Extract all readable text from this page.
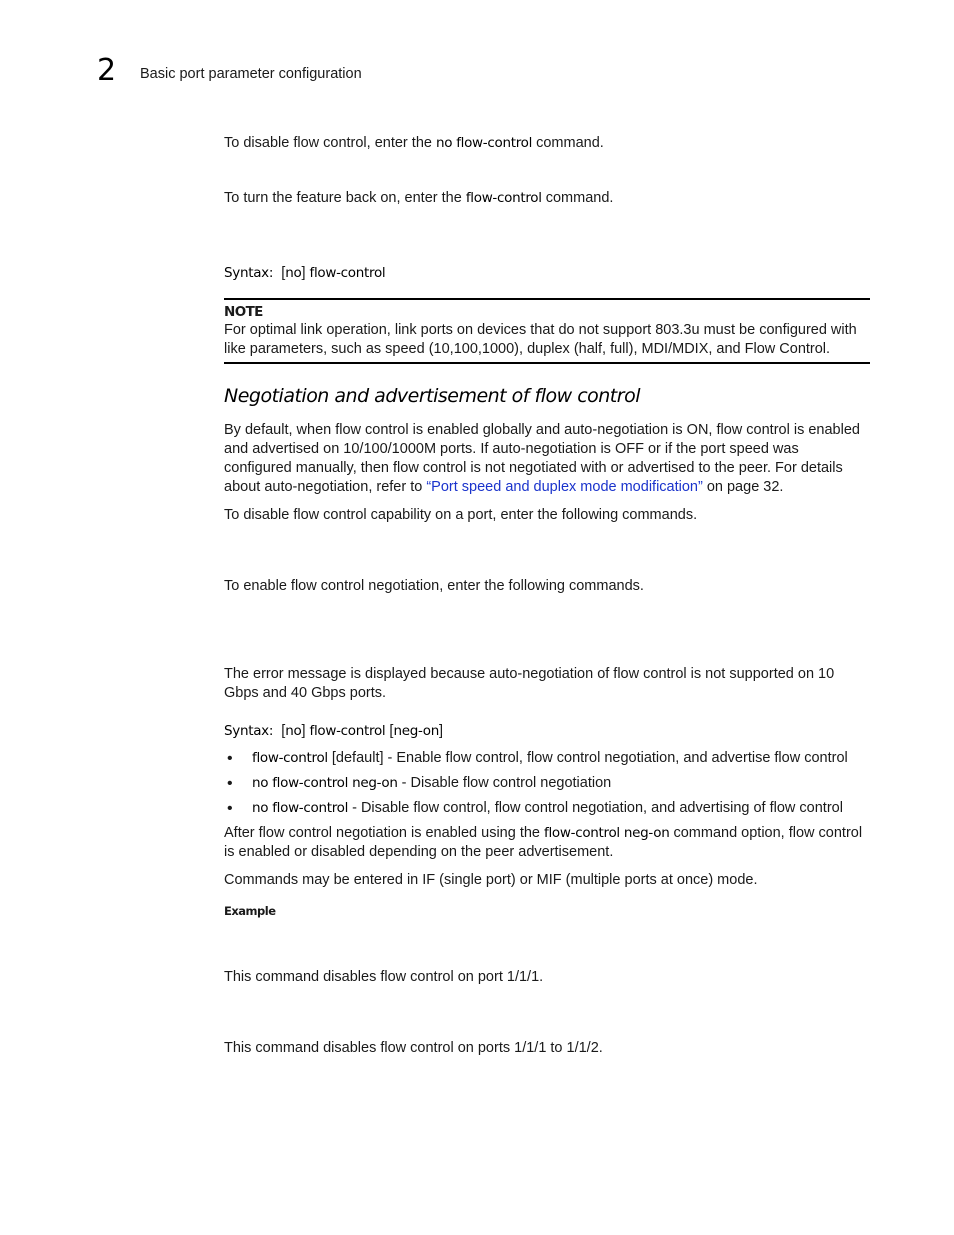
2 Basic port parameter configuration

To disable flow control, enter the no flow-control command.

To turn the feature back on, enter the flow-control command.

Syntax: [no] flow-control

NOTE

For optimal link operation, link ports on devices that do not support 803.3u must be configured with like parameters, such as speed (10,100,1000), duplex (half, full), MDI/MDIX, and Flow Control.

Negotiation and advertisement of flow control

By default, when flow control is enabled globally and auto-negotiation is ON, flow control is enabled and advertised on 10/100/1000M ports. If auto-negotiation is OFF or if the port speed was configured manually, then flow control is not negotiated with or advertised to the peer. For details about auto-negotiation, refer to “Port speed and duplex mode modification” on page 32.

To disable flow control capability on a port, enter the following commands.

To enable flow control negotiation, enter the following commands.

The error message is displayed because auto-negotiation of flow control is not supported on 10 Gbps and 40 Gbps ports.

Syntax: [no] flow-control [neg-on]

• flow-control [default] - Enable flow control, flow control negotiation, and advertise flow control
• no flow-control neg-on - Disable flow control negotiation
• no flow-control - Disable flow control, flow control negotiation, and advertising of flow control

After flow control negotiation is enabled using the flow-control neg-on command option, flow control is enabled or disabled depending on the peer advertisement.

Commands may be entered in IF (single port) or MIF (multiple ports at once) mode.

Example

This command disables flow control on port 1/1/1.

This command disables flow control on ports 1/1/1 to 1/1/2.
